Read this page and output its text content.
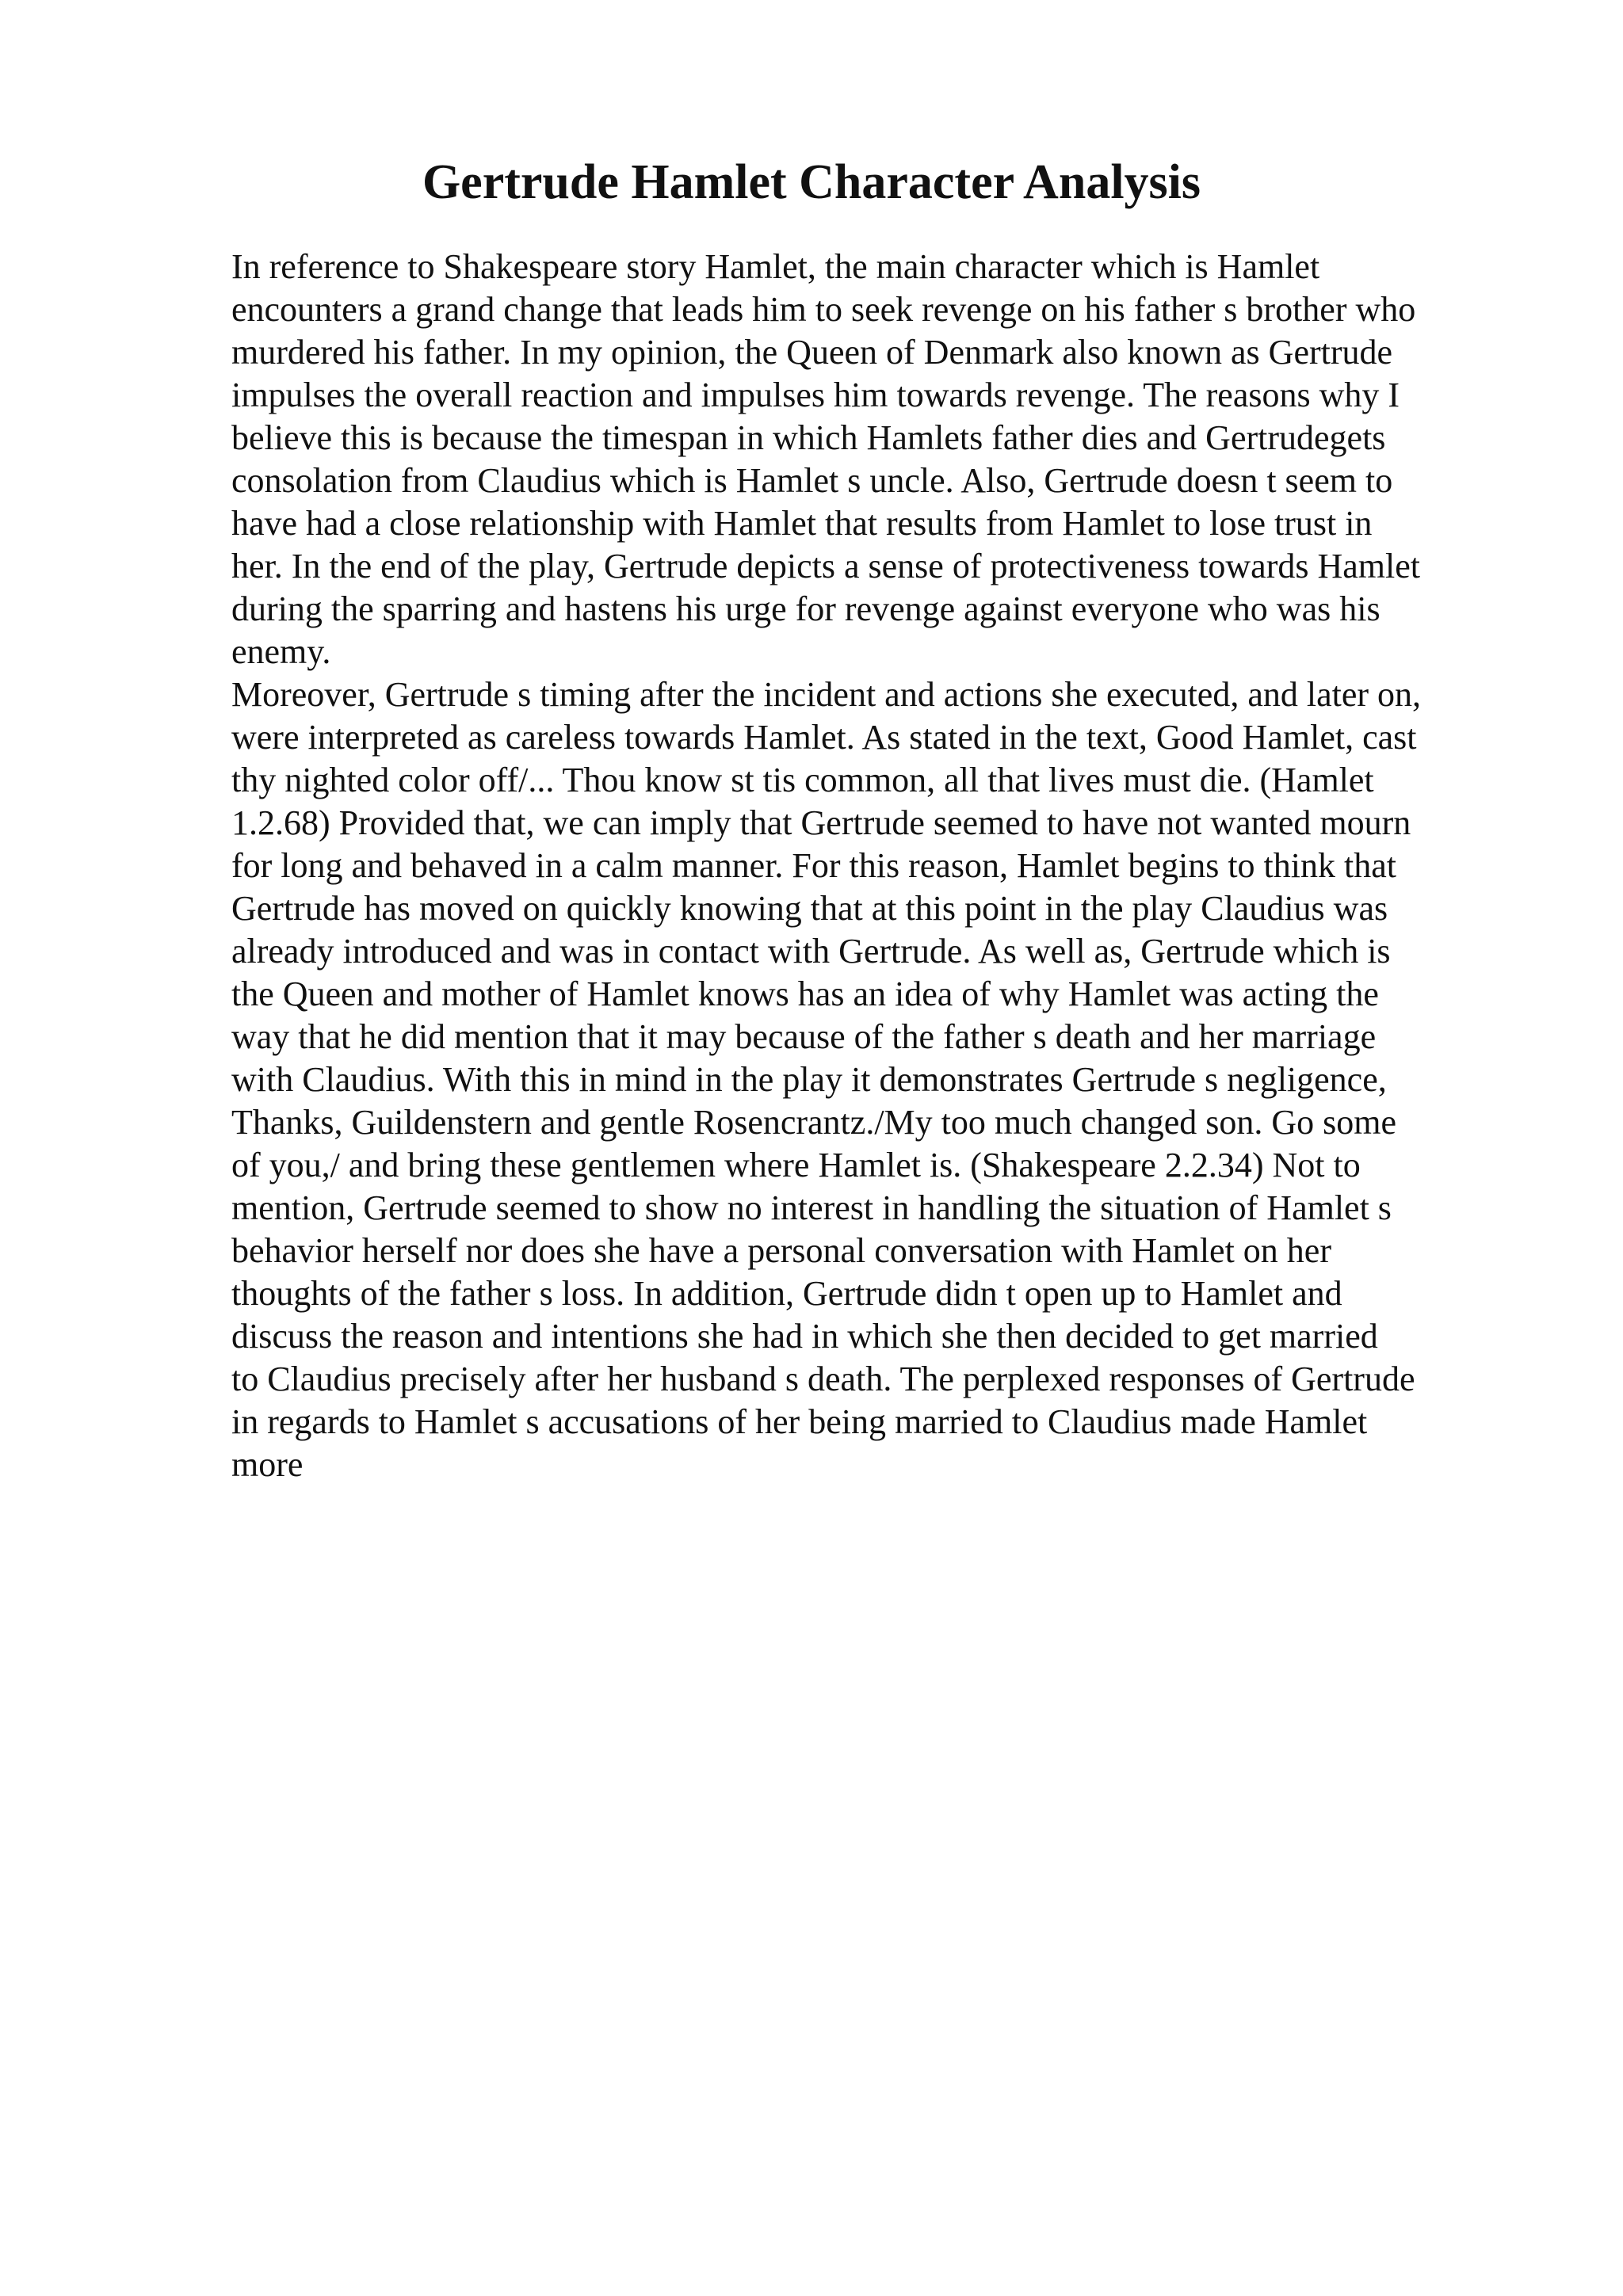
Gertrude Hamlet Character Analysis
In reference to Shakespeare story Hamlet, the main character which is Hamlet
encounters a grand change that leads him to seek revenge on his father s brother who
murdered his father. In my opinion, the Queen of Denmark also known as Gertrude
impulses the overall reaction and impulses him towards revenge. The reasons why I
believe this is because the timespan in which Hamlets father dies and Gertrudegets
consolation from Claudius which is Hamlet s uncle. Also, Gertrude doesn t seem to
have had a close relationship with Hamlet that results from Hamlet to lose trust in
her. In the end of the play, Gertrude depicts a sense of protectiveness towards Hamlet
during the sparring and hastens his urge for revenge against everyone who was his
enemy.
Moreover, Gertrude s timing after the incident and actions she executed, and later on,
were interpreted as careless towards Hamlet. As stated in the text, Good Hamlet, cast
thy nighted color off/... Thou know st tis common, all that lives must die. (Hamlet
1.2.68) Provided that, we can imply that Gertrude seemed to have not wanted mourn
for long and behaved in a calm manner. For this reason, Hamlet begins to think that
Gertrude has moved on quickly knowing that at this point in the play Claudius was
already introduced and was in contact with Gertrude. As well as, Gertrude which is
the Queen and mother of Hamlet knows has an idea of why Hamlet was acting the
way that he did mention that it may because of the father s death and her marriage
with Claudius. With this in mind in the play it demonstrates Gertrude s negligence,
Thanks, Guildenstern and gentle Rosencrantz./My too much changed son. Go some
of you,/ and bring these gentlemen where Hamlet is. (Shakespeare 2.2.34) Not to
mention, Gertrude seemed to show no interest in handling the situation of Hamlet s
behavior herself nor does she have a personal conversation with Hamlet on her
thoughts of the father s loss. In addition, Gertrude didn t open up to Hamlet and
discuss the reason and intentions she had in which she then decided to get married
to Claudius precisely after her husband s death. The perplexed responses of Gertrude
in regards to Hamlet s accusations of her being married to Claudius made Hamlet
more
